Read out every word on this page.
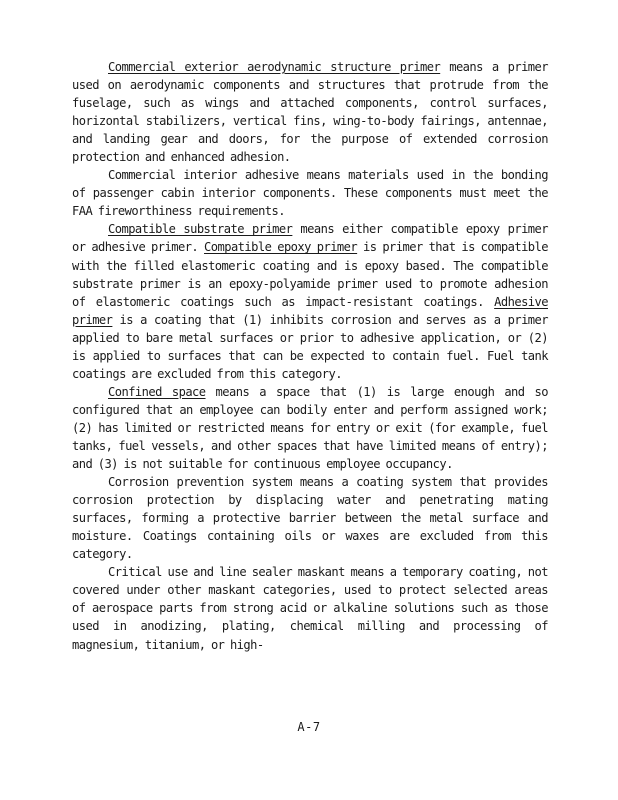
Commercial exterior aerodynamic structure primer means a primer used on aerodynamic components and structures that protrude from the fuselage, such as wings and attached components, control surfaces, horizontal stabilizers, vertical fins, wing-to-body fairings, antennae, and landing gear and doors, for the purpose of extended corrosion protection and enhanced adhesion.

Commercial interior adhesive means materials used in the bonding of passenger cabin interior components. These components must meet the FAA fireworthiness requirements.

Compatible substrate primer means either compatible epoxy primer or adhesive primer. Compatible epoxy primer is primer that is compatible with the filled elastomeric coating and is epoxy based. The compatible substrate primer is an epoxy-polyamide primer used to promote adhesion of elastomeric coatings such as impact-resistant coatings. Adhesive primer is a coating that (1) inhibits corrosion and serves as a primer applied to bare metal surfaces or prior to adhesive application, or (2) is applied to surfaces that can be expected to contain fuel. Fuel tank coatings are excluded from this category.

Confined space means a space that (1) is large enough and so configured that an employee can bodily enter and perform assigned work; (2) has limited or restricted means for entry or exit (for example, fuel tanks, fuel vessels, and other spaces that have limited means of entry); and (3) is not suitable for continuous employee occupancy.

Corrosion prevention system means a coating system that provides corrosion protection by displacing water and penetrating mating surfaces, forming a protective barrier between the metal surface and moisture. Coatings containing oils or waxes are excluded from this category.

Critical use and line sealer maskant means a temporary coating, not covered under other maskant categories, used to protect selected areas of aerospace parts from strong acid or alkaline solutions such as those used in anodizing, plating, chemical milling and processing of magnesium, titanium, or high-

A-7
